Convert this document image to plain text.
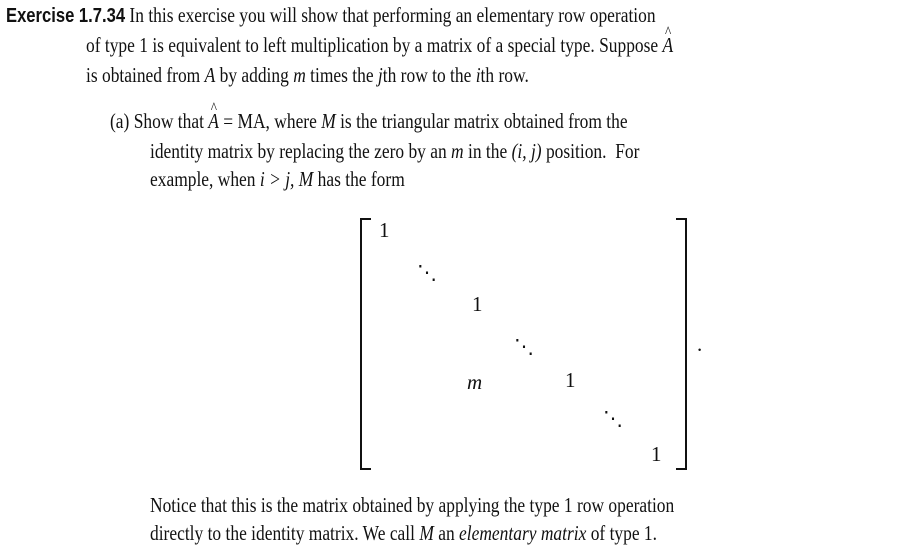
Exercise 1.7.34 In this exercise you will show that performing an elementary row operation
of type 1 is equivalent to left multiplication by a matrix of a special type. Suppose ^ A
is obtained from A by adding m times the jth row to the ith row.
(a) Show that ^ A = MA, where M is the triangular matrix obtained from the
identity matrix by replacing the zero by an m in the (i, j) position. For
example, when i > j, M has the form
1
⋱
1
⋱
m	1
⋱
1
.
Notice that this is the matrix obtained by applying the type 1 row operation
directly to the identity matrix. We call M an elementary matrix of type 1.
